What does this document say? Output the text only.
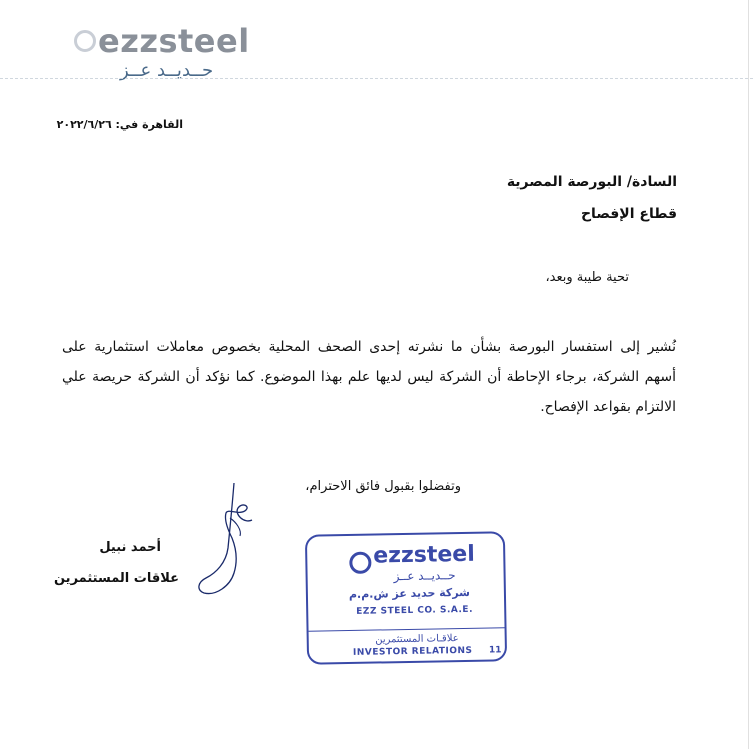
ezzsteel
حــديــد عــز
القاهرة في: ٢٠٢٢/٦/٢٦
السادة/ البورصة المصرية
قطاع الإفصاح
تحية طيبة وبعد،
نُشير إلى استفسار البورصة بشأن ما نشرته إحدى الصحف المحلية بخصوص معاملات استثمارية على
أسهم الشركة، برجاء الإحاطة أن الشركة ليس لديها علم بهذا الموضوع. كما نؤكد أن الشركة حريصة علي
الالتزام بقواعد الإفصاح.
وتفضلوا بقبول فائق الاحترام،
أحمد نبيل
علاقات المستثمرين
ezzsteel
حــديــد عــز
شركة حديد عز ش.م.م
EZZ STEEL CO. S.A.E.
علاقـات المستثمرين
INVESTOR RELATIONS 11
